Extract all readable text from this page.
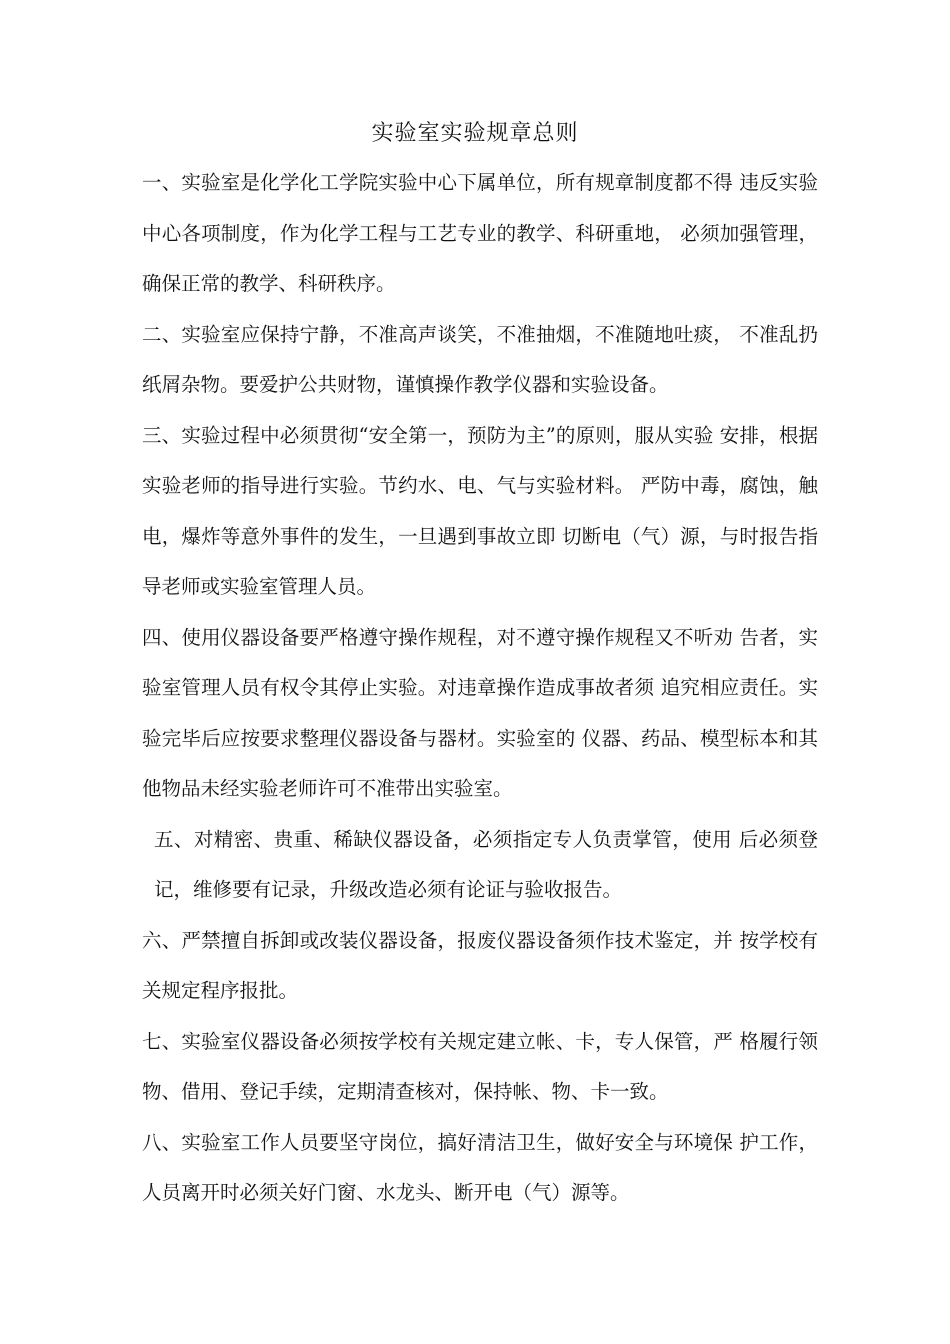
实验室实验规章总则

一、实验室是化学化工学院实验中心下属单位，所有规章制度都不得 违反实验中心各项制度，作为化学工程与工艺专业的教学、科研重地， 必须加强管理，确保正常的教学、科研秩序。

二、实验室应保持宁静，不准高声谈笑，不准抽烟，不准随地吐痰， 不准乱扔纸屑杂物。要爱护公共财物，谨慎操作教学仪器和实验设备。

三、实验过程中必须贯彻“安全第一，预防为主”的原则，服从实验 安排，根据实验老师的指导进行实验。节约水、电、气与实验材料。 严防中毒，腐蚀，触电，爆炸等意外事件的发生，一旦遇到事故立即 切断电（气）源，与时报告指导老师或实验室管理人员。

四、使用仪器设备要严格遵守操作规程，对不遵守操作规程又不听劝 告者，实验室管理人员有权令其停止实验。对违章操作造成事故者须 追究相应责任。实验完毕后应按要求整理仪器设备与器材。实验室的 仪器、药品、模型标本和其他物品未经实验老师许可不准带出实验室。

五、对精密、贵重、稀缺仪器设备，必须指定专人负责掌管，使用 后必须登记，维修要有记录，升级改造必须有论证与验收报告。

六、严禁擅自拆卸或改装仪器设备，报废仪器设备须作技术鉴定，并 按学校有关规定程序报批。

七、实验室仪器设备必须按学校有关规定建立帐、卡，专人保管，严 格履行领物、借用、登记手续，定期清查核对，保持帐、物、卡一致。

八、实验室工作人员要坚守岗位，搞好清洁卫生，做好安全与环境保 护工作，人员离开时必须关好门窗、水龙头、断开电（气）源等。
